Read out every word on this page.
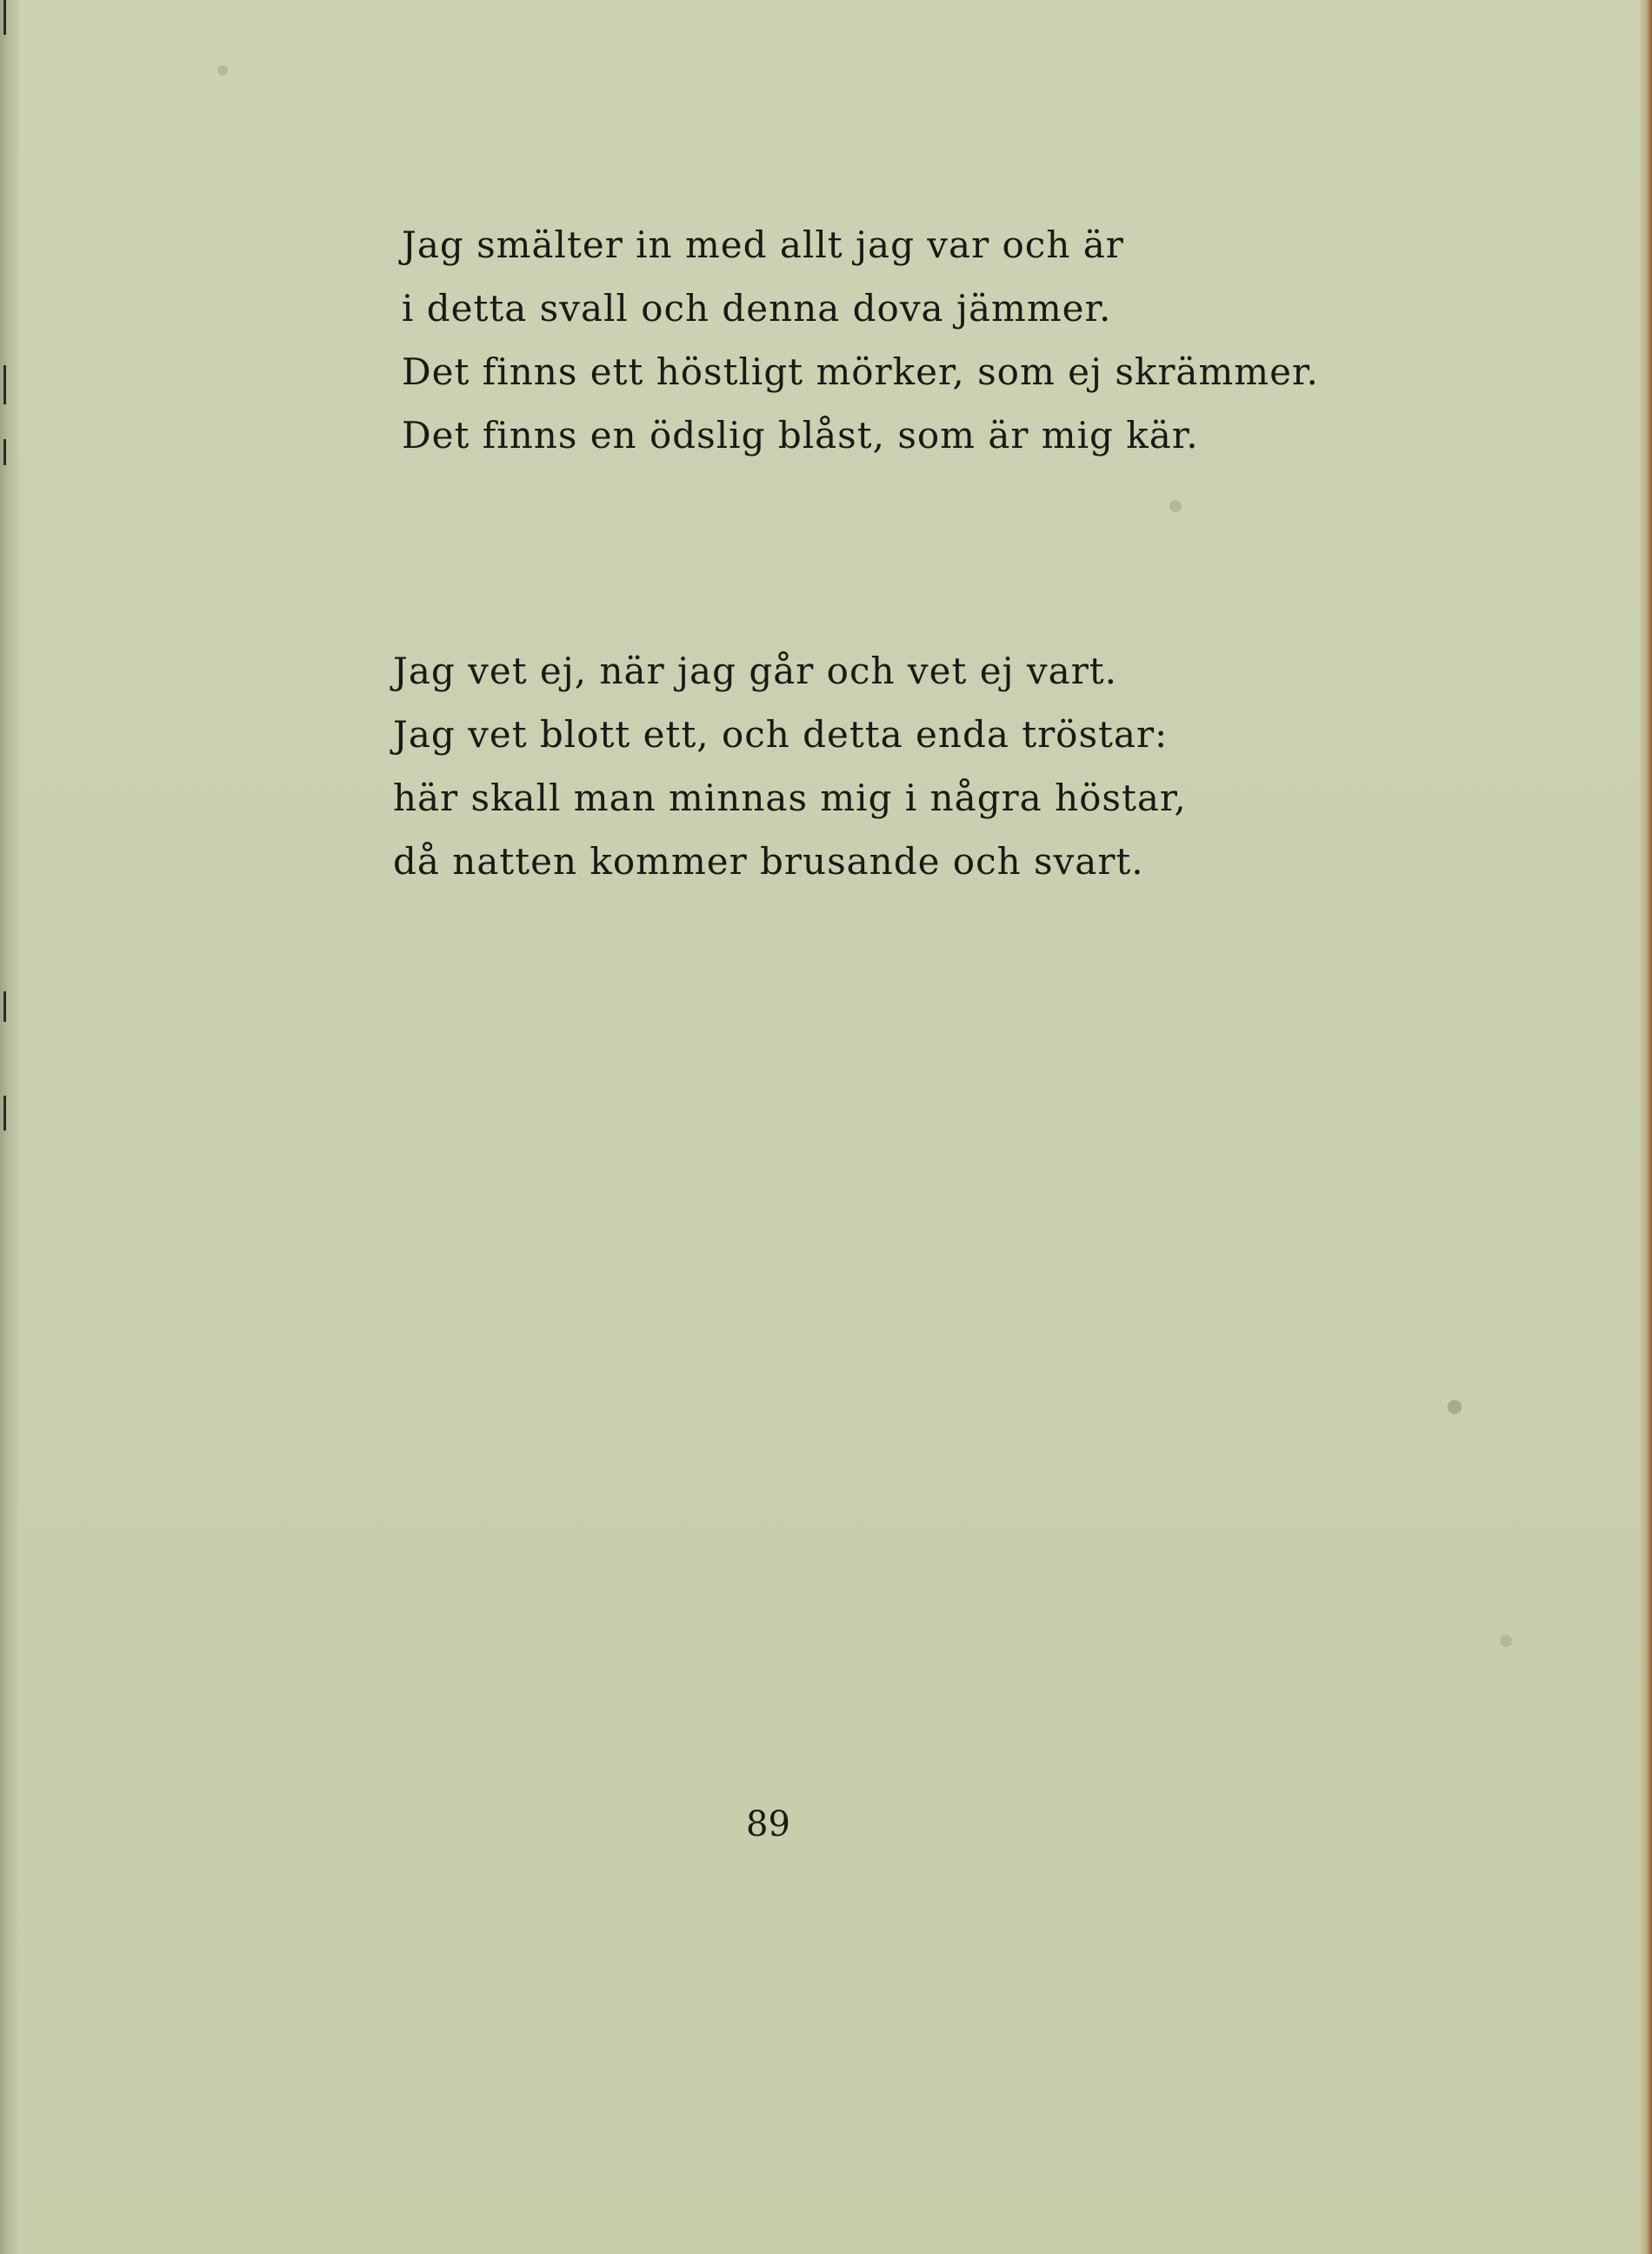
Jag smälter in med allt jag var och är
i detta svall och denna dova jämmer.
Det finns ett höstligt mörker, som ej skrämmer.
Det finns en ödslig blåst, som är mig kär.
Jag vet ej, när jag går och vet ej vart.
Jag vet blott ett, och detta enda tröstar:
här skall man minnas mig i några höstar,
då natten kommer brusande och svart.
89
